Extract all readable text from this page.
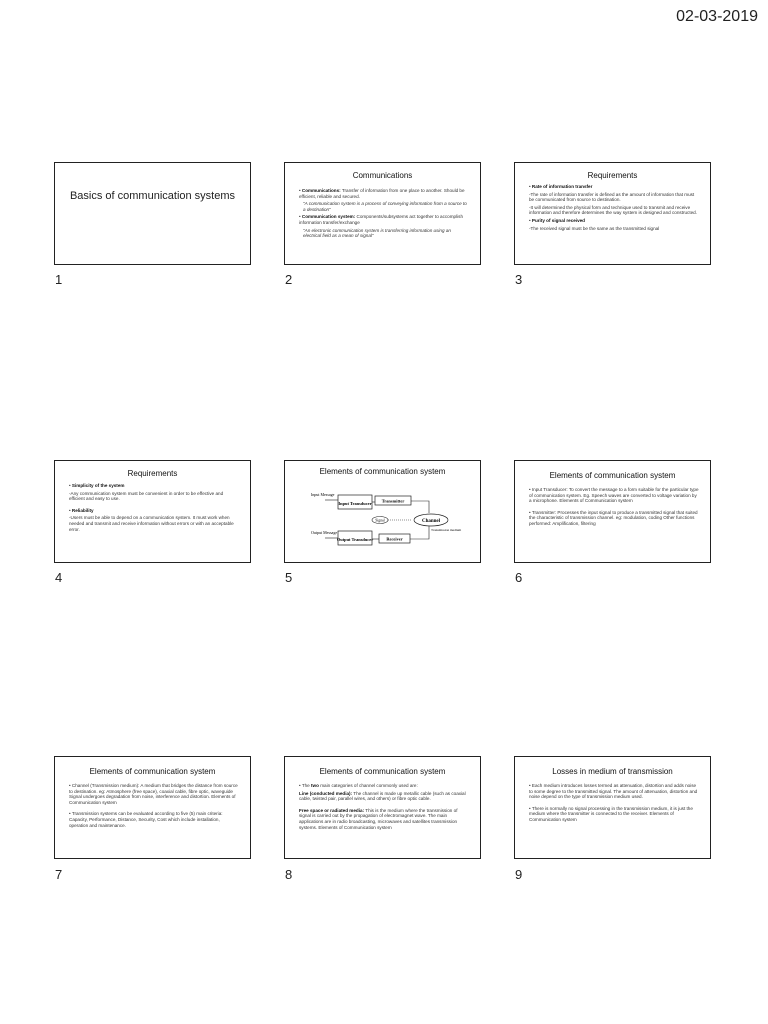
02-03-2019
Basics of communication systems
1
Communications

• Communications: Transfer of information from one place to another. Should be efficient, reliable and secured.

"A communication system is a process of conveying information from a source to a destination"

• Communication system: Components/subsystems act together to accomplish information transfer/exchange

"An electronic communication system is transferring information using an electrical field as a mean of signal"

2
Requirements

• Rate of information transfer

-The rate of information transfer is defined as the amount of information that must be communicated from source to destination.

-It will determined the physical form and technique used to transmit and receive information and therefore determines the way system is designed and constructed.

• Purity of signal received

-The received signal must be the same as the transmitted signal

3
Requirements

• Simplicity of the system

-Any communication system must be convenient in order to be effective and efficient and easy to use.

• Reliability

-Users must be able to depend on a communication system. It must work when needed and transmit and receive information without errors or with an acceptable error.

4
Elements of communication system
Input Message
Input Transducer Transmitter
Signal	Channel
Transmission medium
Receiver
Output Transducer
Output Message
5
Elements of communication system

• Input Transducer: To convert the message to a form suitable for the particular type of communication system. Eg. Speech waves are converted to voltage variation by a microphone. Elements of Communication system

• Transmitter: Processes the input signal to produce a transmitted signal that suited the characteristic of transmission channel. eg: modulation, coding Other functions performed: Amplification, filtering

6
Elements of communication system

• Channel (Transmission medium): A medium that bridges the distance from source to destination. eg: Atmosphere (free space), coaxial cable, fibre optic, waveguide Signal undergoes degradation from noise, interference and distortion. Elements of Communication system

• Transmission systems can be evaluated according to five (5) main criteria: Capacity, Performance, Distance, Security, Cost which include installation, operation and maintenance.

7
Elements of communication system

• The two main categories of channel commonly used are:

Line (conducted media): The channel is made up metallic cable (such as coaxial cable, twisted pair, parallel wires, and others) or fibre optic cable.

Free space or radiated media: This is the medium where the transmission of signal is carried out by the propagation of electromagnet wave. The main applications are in radio broadcasting, microwaves and satellites transmission systems. Elements of Communication system

8
Losses in medium of transmission

• Each medium introduces losses termed as attenuation, distortion and adds noise to some degree to the transmitted signal. The amount of attenuation, distortion and noise depend on the type of transmission medium used.

• There is normally no signal processing in the transmission medium, it is just the medium where the transmitter is connected to the receiver. Elements of Communication system

9
